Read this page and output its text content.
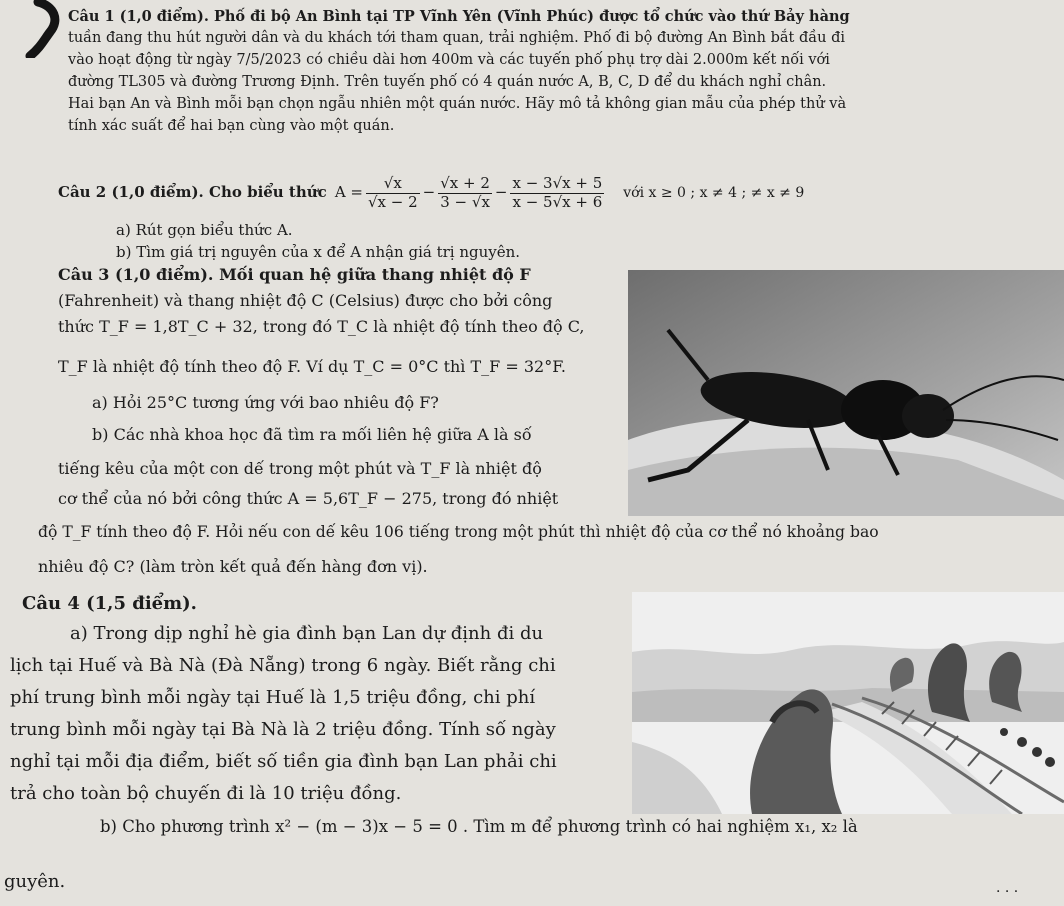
Câu 1 (1,0 điểm). Phố đi bộ An Bình tại TP Vĩnh Yên (Vĩnh Phúc) được tổ chức vào thứ Bảy hàng
tuần đang thu hút người dân và du khách tới tham quan, trải nghiệm. Phố đi bộ đường An Bình bắt đầu đi
vào hoạt động từ ngày 7/5/2023 có chiều dài hơn 400m và các tuyến phố phụ trợ dài 2.000m kết nối với
đường TL305 và đường Trương Định. Trên tuyến phố có 4 quán nước A, B, C, D để du khách nghỉ chân.
Hai bạn An và Bình mỗi bạn chọn ngẫu nhiên một quán nước. Hãy mô tả không gian mẫu của phép thử và
tính xác suất để hai bạn cùng vào một quán.
Câu 2 (1,0 điểm). Cho biểu thức $A = \frac{√x}{√x - 2} - \frac{√x + 2}{3 - √x} - \frac{x - 3√x + 5}{x - 5√x + 6}$ với x ≥ 0 ; x ≠ 4 ; ≠ x ≠ 9
a) Rút gọn biểu thức A.
b) Tìm giá trị nguyên của x để A nhận giá trị nguyên.
Câu 3 (1,0 điểm). Mối quan hệ giữa thang nhiệt độ F
(Fahrenheit) và thang nhiệt độ C (Celsius) được cho bởi công
thức T_F = 1,8T_C + 32, trong đó T_C là nhiệt độ tính theo độ C,
T_F là nhiệt độ tính theo độ F. Ví dụ T_C = 0°C thì T_F = 32°F.
a) Hỏi 25°C tương ứng với bao nhiêu độ F?
b) Các nhà khoa học đã tìm ra mối liên hệ giữa A là số
tiếng kêu của một con dế trong một phút và T_F là nhiệt độ
cơ thể của nó bởi công thức A = 5,6T_F − 275, trong đó nhiệt
độ T_F tính theo độ F. Hỏi nếu con dế kêu 106 tiếng trong một phút thì nhiệt độ của cơ thể nó khoảng bao
nhiêu độ C? (làm tròn kết quả đến hàng đơn vị).
Câu 4 (1,5 điểm).
a) Trong dịp nghỉ hè gia đình bạn Lan dự định đi du
lịch tại Huế và Bà Nà (Đà Nẵng) trong 6 ngày. Biết rằng chi
phí trung bình mỗi ngày tại Huế là 1,5 triệu đồng, chi phí
trung bình mỗi ngày tại Bà Nà là 2 triệu đồng. Tính số ngày
nghỉ tại mỗi địa điểm, biết số tiền gia đình bạn Lan phải chi
trả cho toàn bộ chuyến đi là 10 triệu đồng.
b) Cho phương trình x² − (m − 3)x − 5 = 0 . Tìm m để phương trình có hai nghiệm x₁, x₂ là
guyên.	· · ·
